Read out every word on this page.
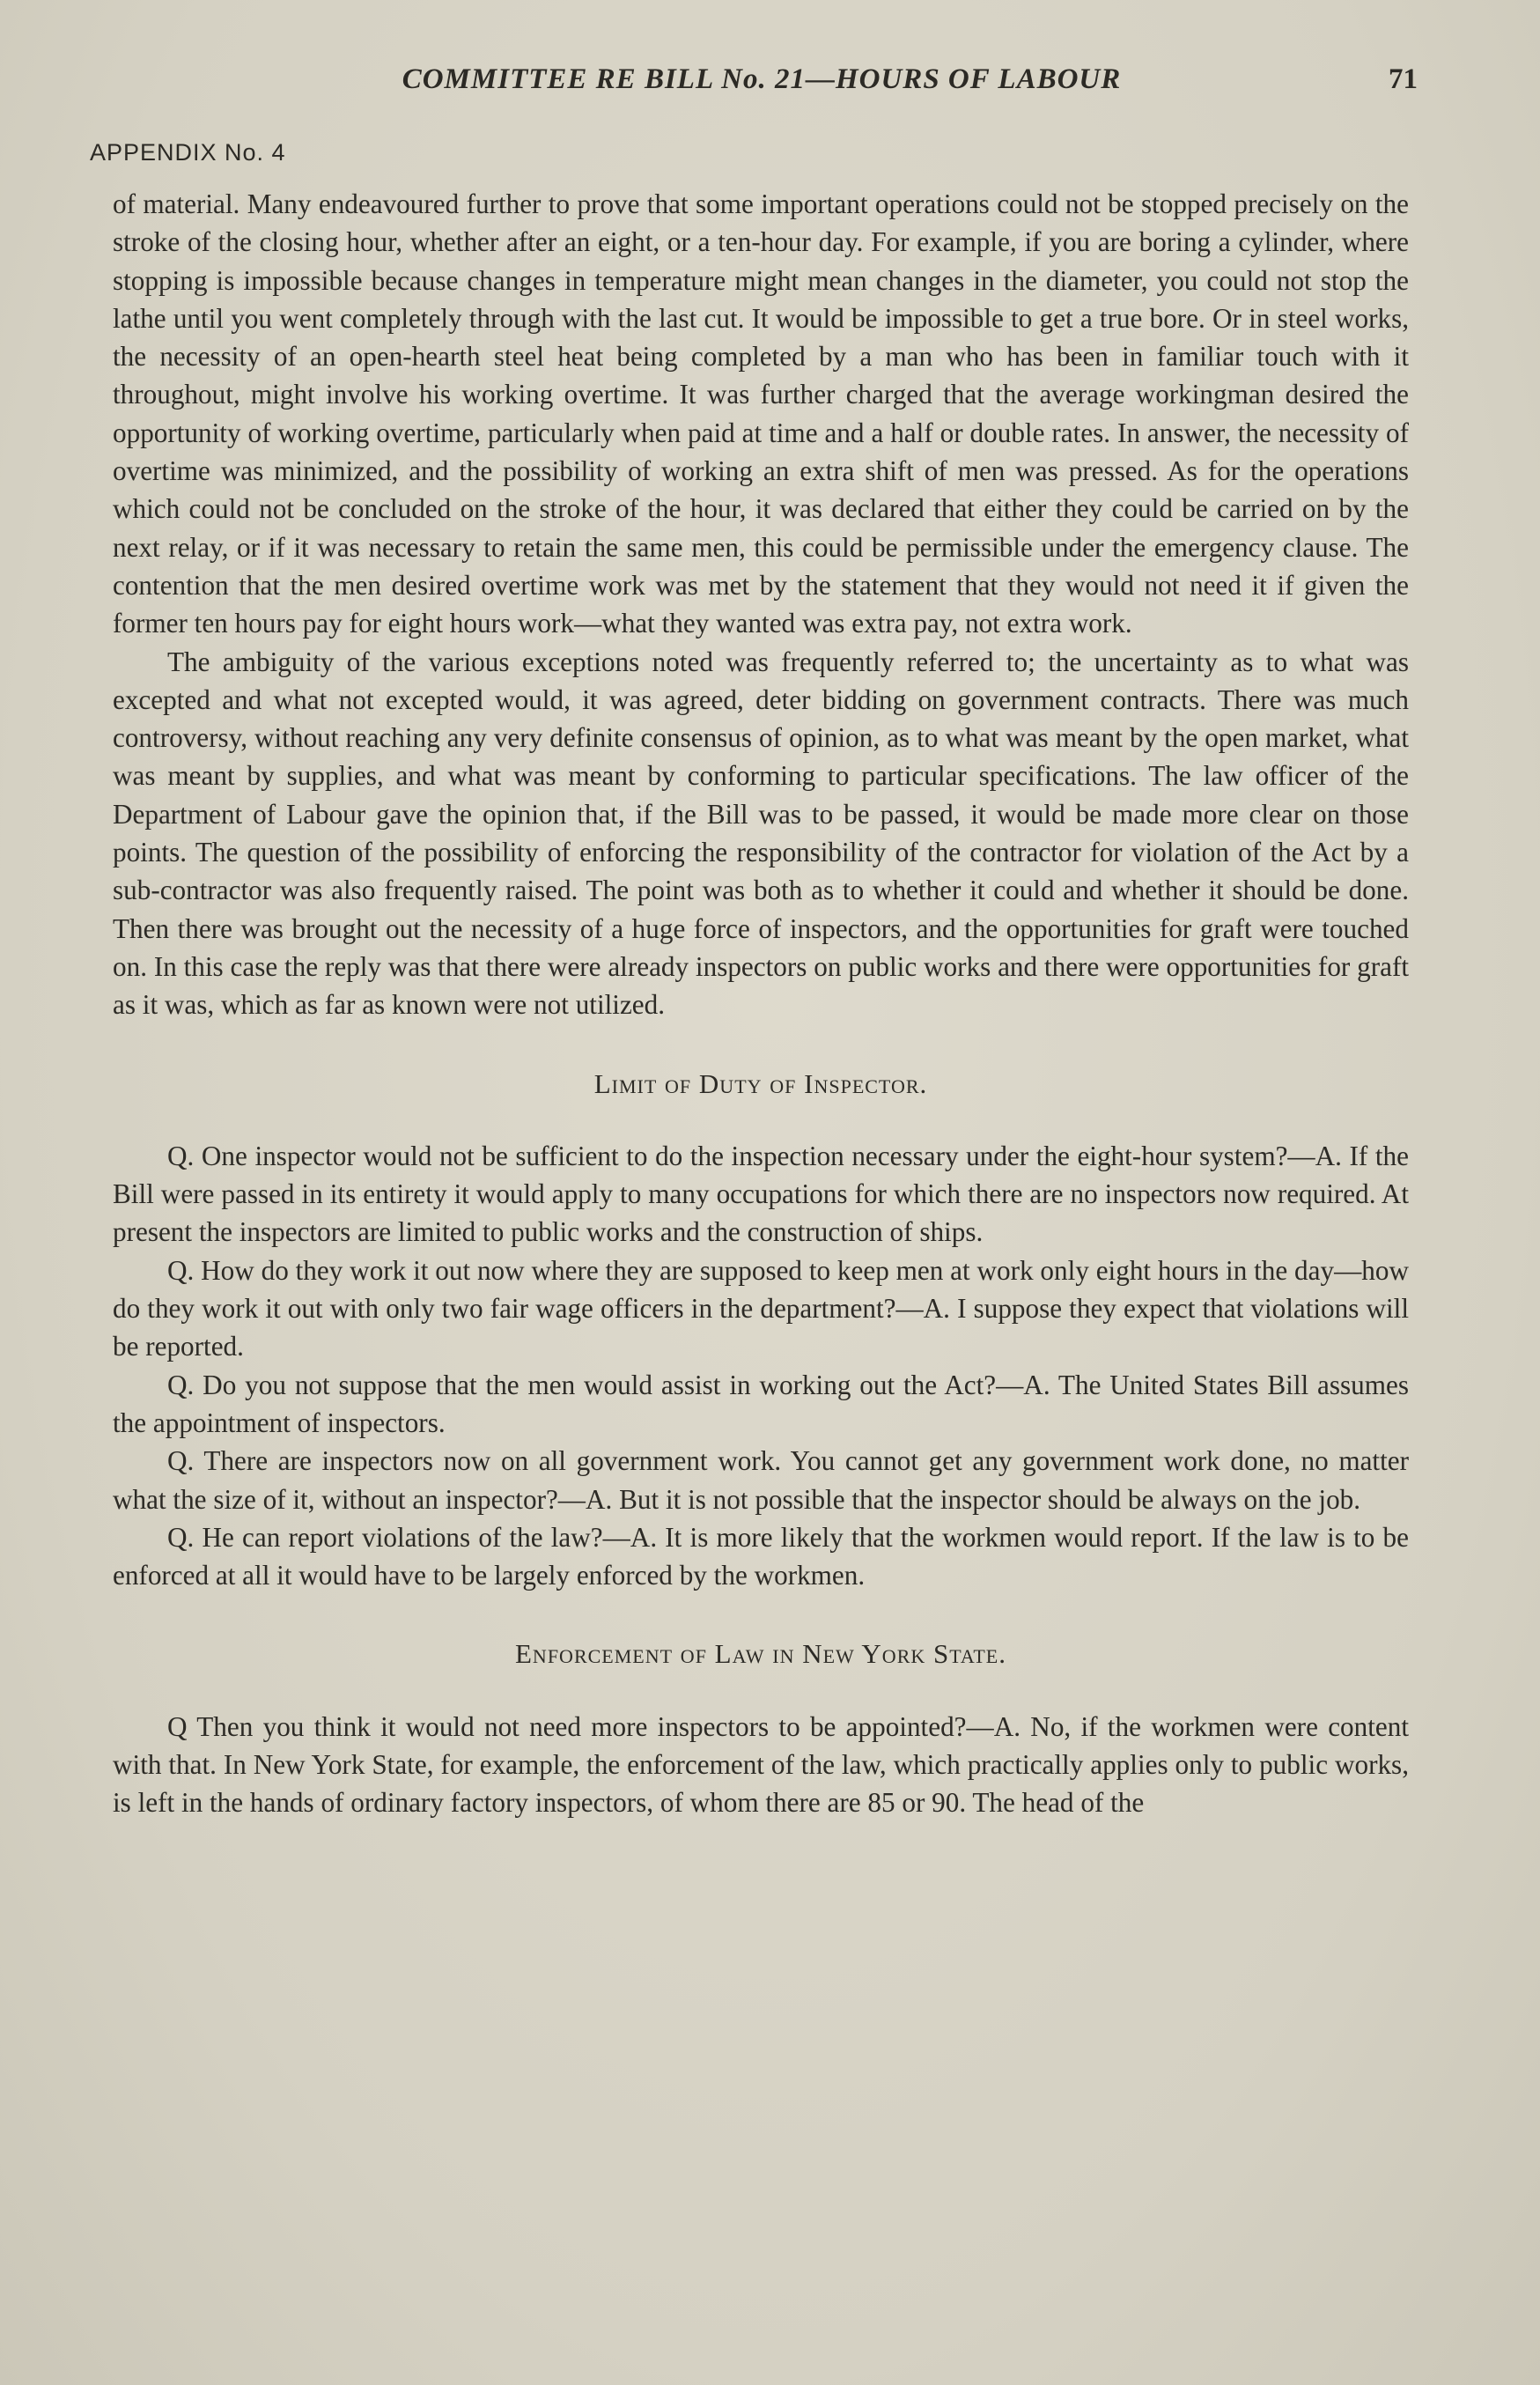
COMMITTEE RE BILL No. 21—HOURS OF LABOUR	71
APPENDIX No. 4

of material. Many endeavoured further to prove that some important operations could not be stopped precisely on the stroke of the closing hour, whether after an eight, or a ten-hour day. For example, if you are boring a cylinder, where stopping is impossible because changes in temperature might mean changes in the diameter, you could not stop the lathe until you went completely through with the last cut. It would be impossible to get a true bore. Or in steel works, the necessity of an open-hearth steel heat being completed by a man who has been in familiar touch with it throughout, might involve his working overtime. It was further charged that the average workingman desired the opportunity of working overtime, particularly when paid at time and a half or double rates. In answer, the necessity of overtime was minimized, and the possibility of working an extra shift of men was pressed. As for the operations which could not be concluded on the stroke of the hour, it was declared that either they could be carried on by the next relay, or if it was necessary to retain the same men, this could be permissible under the emergency clause. The contention that the men desired overtime work was met by the statement that they would not need it if given the former ten hours pay for eight hours work—what they wanted was extra pay, not extra work.

The ambiguity of the various exceptions noted was frequently referred to; the uncertainty as to what was excepted and what not excepted would, it was agreed, deter bidding on government contracts. There was much controversy, without reaching any very definite consensus of opinion, as to what was meant by the open market, what was meant by supplies, and what was meant by conforming to particular specifications. The law officer of the Department of Labour gave the opinion that, if the Bill was to be passed, it would be made more clear on those points. The question of the possibility of enforcing the responsibility of the contractor for violation of the Act by a sub-contractor was also frequently raised. The point was both as to whether it could and whether it should be done. Then there was brought out the necessity of a huge force of inspectors, and the opportunities for graft were touched on. In this case the reply was that there were already inspectors on public works and there were opportunities for graft as it was, which as far as known were not utilized.

Limit of Duty of Inspector.

Q. One inspector would not be sufficient to do the inspection necessary under the eight-hour system?—A. If the Bill were passed in its entirety it would apply to many occupations for which there are no inspectors now required. At present the inspectors are limited to public works and the construction of ships.

Q. How do they work it out now where they are supposed to keep men at work only eight hours in the day—how do they work it out with only two fair wage officers in the department?—A. I suppose they expect that violations will be reported.

Q. Do you not suppose that the men would assist in working out the Act?—A. The United States Bill assumes the appointment of inspectors.

Q. There are inspectors now on all government work. You cannot get any government work done, no matter what the size of it, without an inspector?—A. But it is not possible that the inspector should be always on the job.

Q. He can report violations of the law?—A. It is more likely that the workmen would report. If the law is to be enforced at all it would have to be largely enforced by the workmen.

Enforcement of Law in New York State.

Q Then you think it would not need more inspectors to be appointed?—A. No, if the workmen were content with that. In New York State, for example, the enforcement of the law, which practically applies only to public works, is left in the hands of ordinary factory inspectors, of whom there are 85 or 90. The head of the
